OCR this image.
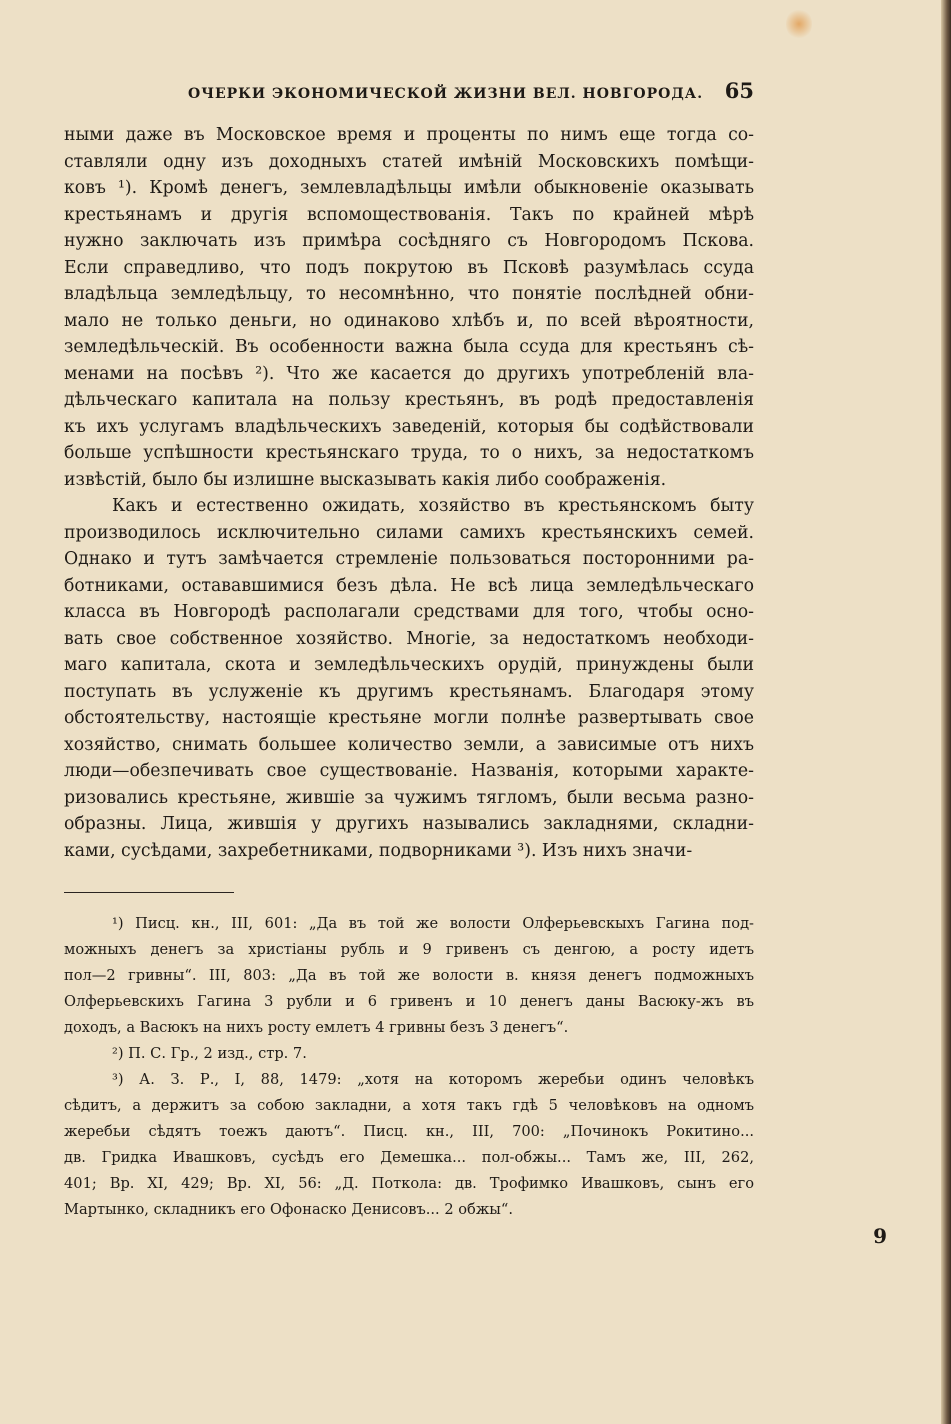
ОЧЕРКИ ЭКОНОМИЧЕСКОЙ ЖИЗНИ ВЕЛ. НОВГОРОДА. 65
ными даже въ Московское время и проценты по нимъ еще тогда со-
ставляли одну изъ доходныхъ статей имѣній Московскихъ помѣщи-
ковъ ¹). Кромѣ денегъ, землевладѣльцы имѣли обыкновеніе оказывать
крестьянамъ и другія вспомоществованія. Такъ по крайней мѣрѣ
нужно заключать изъ примѣра сосѣдняго съ Новгородомъ Пскова.
Если справедливо, что подъ покрутою въ Псковѣ разумѣлась ссуда
владѣльца земледѣльцу, то несомнѣнно, что понятіе послѣдней обни-
мало не только деньги, но одинаково хлѣбъ и, по всей вѣроятности,
земледѣльческій. Въ особенности важна была ссуда для крестьянъ сѣ-
менами на посѣвъ ²). Что же касается до другихъ употребленій вла-
дѣльческаго капитала на пользу крестьянъ, въ родѣ предоставленія
къ ихъ услугамъ владѣльческихъ заведеній, которыя бы содѣйствовали
больше успѣшности крестьянскаго труда, то о нихъ, за недостаткомъ
извѣстій, было бы излишне высказывать какія либо соображенія.
Какъ и естественно ожидать, хозяйство въ крестьянскомъ быту
производилось исключительно силами самихъ крестьянскихъ семей.
Однако и тутъ замѣчается стремленіе пользоваться посторонними ра-
ботниками, остававшимися безъ дѣла. Не всѣ лица земледѣльческаго
класса въ Новгородѣ располагали средствами для того, чтобы осно-
вать свое собственное хозяйство. Многіе, за недостаткомъ необходи-
маго капитала, скота и земледѣльческихъ орудій, принуждены были
поступать въ услуженіе къ другимъ крестьянамъ. Благодаря этому
обстоятельству, настоящіе крестьяне могли полнѣе развертывать свое
хозяйство, снимать большее количество земли, а зависимые отъ нихъ
люди—обезпечивать свое существованіе. Названія, которыми характе-
ризовались крестьяне, жившіе за чужимъ тягломъ, были весьма разно-
образны. Лица, жившія у другихъ назывались закладнями, складни-
ками, сусѣдами, захребетниками, подворниками ³). Изъ нихъ значи-
¹) Писц. кн., III, 601: „Да въ той же волости Олферьевскыхъ Гагина под-
можныхъ денегъ за христіаны рубль и 9 гривенъ съ денгою, а росту идетъ
пол—2 гривны“. III, 803: „Да въ той же волости в. князя денегъ подможныхъ
Олферьевскихъ Гагина 3 рубли и 6 гривенъ и 10 денегъ даны Васюку-жъ въ
доходъ, а Васюкъ на нихъ росту емлетъ 4 гривны безъ 3 денегъ“.
²) П. С. Гр., 2 изд., стр. 7.
³) А. З. Р., I, 88, 1479: „хотя на которомъ жеребьи одинъ человѣкъ
сѣдитъ, а держитъ за собою закладни, а хотя такъ гдѣ 5 человѣковъ на одномъ
жеребьи сѣдятъ тоежъ даютъ“. Писц. кн., III, 700: „Починокъ Рокитино...
дв. Гридка Ивашковъ, сусѣдъ его Демешка... пол-обжы... Тамъ же, III, 262,
401; Вр. XI, 429; Вр. XI, 56: „Д. Поткола: дв. Трофимко Ивашковъ, сынъ его
Мартынко, складникъ его Офонаско Денисовъ... 2 обжы“.
9
